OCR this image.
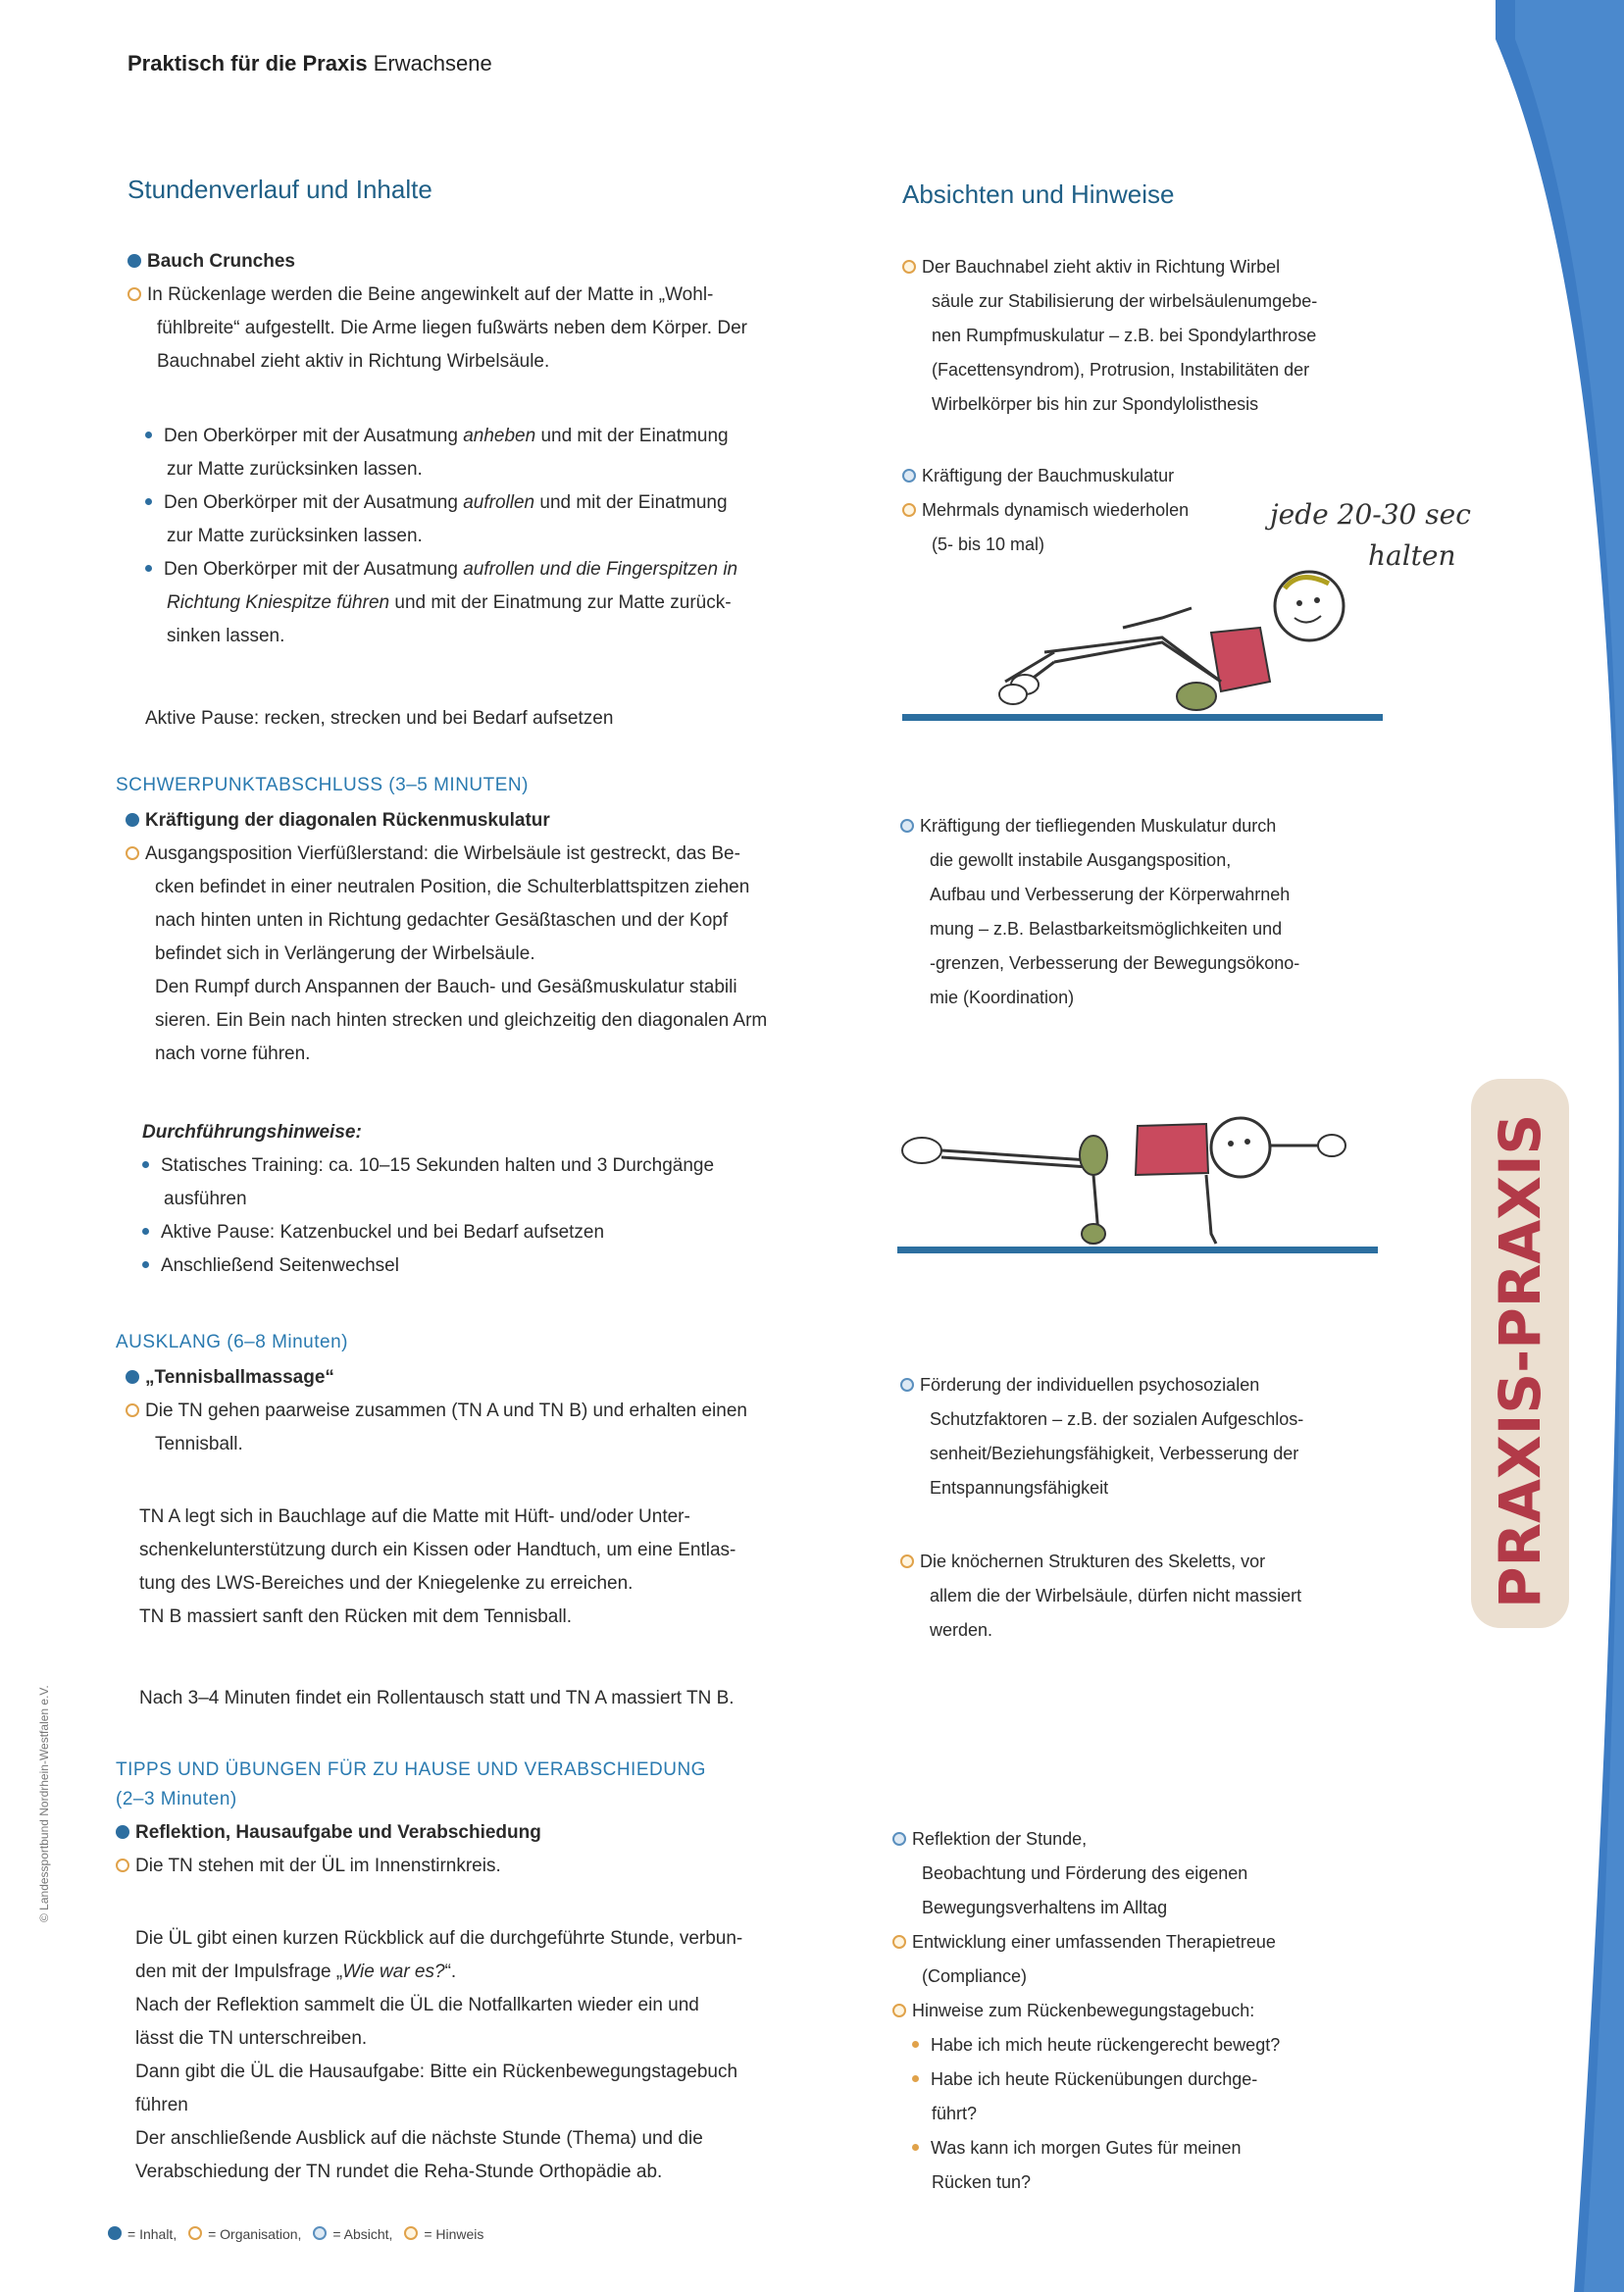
PRAXIS-PRAXIS
Praktisch für die Praxis Erwachsene
Stundenverlauf und Inhalte	Absichten und Hinweise
Bauch Crunches
In Rückenlage werden die Beine angewinkelt auf der Matte in „Wohl-
fühlbreite“ aufgestellt. Die Arme liegen fußwärts neben dem Körper. Der
Bauchnabel zieht aktiv in Richtung Wirbelsäule.
Den Oberkörper mit der Ausatmung anheben und mit der Einatmung
zur Matte zurücksinken lassen.
Den Oberkörper mit der Ausatmung aufrollen und mit der Einatmung
zur Matte zurücksinken lassen.
Den Oberkörper mit der Ausatmung aufrollen und die Fingerspitzen in
Richtung Kniespitze führen und mit der Einatmung zur Matte zurück-
sinken lassen.
Aktive Pause: recken, strecken und bei Bedarf aufsetzen
Der Bauchnabel zieht aktiv in Richtung Wirbel
säule zur Stabilisierung der wirbelsäulenumgebe-
nen Rumpfmuskulatur – z.B. bei Spondylarthrose
(Facettensyndrom), Protrusion, Instabilitäten der
Wirbelkörper bis hin zur Spondylolisthesis
Kräftigung der Bauchmuskulatur
Mehrmals dynamisch wiederholen
(5- bis 10 mal)
jede 20-30 sec
halten
SCHWERPUNKTABSCHLUSS (3–5 MINUTEN)
Kräftigung der diagonalen Rückenmuskulatur
Ausgangsposition Vierfüßlerstand: die Wirbelsäule ist gestreckt, das Be-
cken befindet in einer neutralen Position, die Schulterblattspitzen ziehen
nach hinten unten in Richtung gedachter Gesäßtaschen und der Kopf
befindet sich in Verlängerung der Wirbelsäule.
Den Rumpf durch Anspannen der Bauch- und Gesäßmuskulatur stabili
sieren. Ein Bein nach hinten strecken und gleichzeitig den diagonalen Arm
nach vorne führen.
Durchführungshinweise:
Statisches Training: ca. 10–15 Sekunden halten und 3 Durchgänge
ausführen
Aktive Pause: Katzenbuckel und bei Bedarf aufsetzen
Anschließend Seitenwechsel
Kräftigung der tiefliegenden Muskulatur durch
die gewollt instabile Ausgangsposition,
Aufbau und Verbesserung der Körperwahrneh
mung – z.B. Belastbarkeitsmöglichkeiten und
-grenzen, Verbesserung der Bewegungsökono-
mie (Koordination)
AUSKLANG (6–8 Minuten)
„Tennisballmassage“
Die TN gehen paarweise zusammen (TN A und TN B) und erhalten einen
Tennisball.
TN A legt sich in Bauchlage auf die Matte mit Hüft- und/oder Unter-
schenkelunterstützung durch ein Kissen oder Handtuch, um eine Entlas-
tung des LWS-Bereiches und der Kniegelenke zu erreichen.
TN B massiert sanft den Rücken mit dem Tennisball.
Nach 3–4 Minuten findet ein Rollentausch statt und TN A massiert TN B.
Förderung der individuellen psychosozialen
Schutzfaktoren – z.B. der sozialen Aufgeschlos-
senheit/Beziehungsfähigkeit, Verbesserung der
Entspannungsfähigkeit
Die knöchernen Strukturen des Skeletts, vor
allem die der Wirbelsäule, dürfen nicht massiert
werden.
TIPPS UND ÜBUNGEN FÜR ZU HAUSE UND VERABSCHIEDUNG
(2–3 Minuten)
Reflektion, Hausaufgabe und Verabschiedung
Die TN stehen mit der ÜL im Innenstirnkreis.
Die ÜL gibt einen kurzen Rückblick auf die durchgeführte Stunde, verbun-
den mit der Impulsfrage „Wie war es?“.
Nach der Reflektion sammelt die ÜL die Notfallkarten wieder ein und
lässt die TN unterschreiben.
Dann gibt die ÜL die Hausaufgabe: Bitte ein Rückenbewegungstagebuch
führen
Der anschließende Ausblick auf die nächste Stunde (Thema) und die
Verabschiedung der TN rundet die Reha-Stunde Orthopädie ab.
Reflektion der Stunde,
Beobachtung und Förderung des eigenen
Bewegungsverhaltens im Alltag
Entwicklung einer umfassenden Therapietreue
(Compliance)
Hinweise zum Rückenbewegungstagebuch:
Habe ich mich heute rückengerecht bewegt?
Habe ich heute Rückenübungen durchge-
führt?
Was kann ich morgen Gutes für meinen
Rücken tun?
= Inhalt, = Organisation, = Absicht, = Hinweis
© Landessportbund Nordrhein-Westfalen e.V.
